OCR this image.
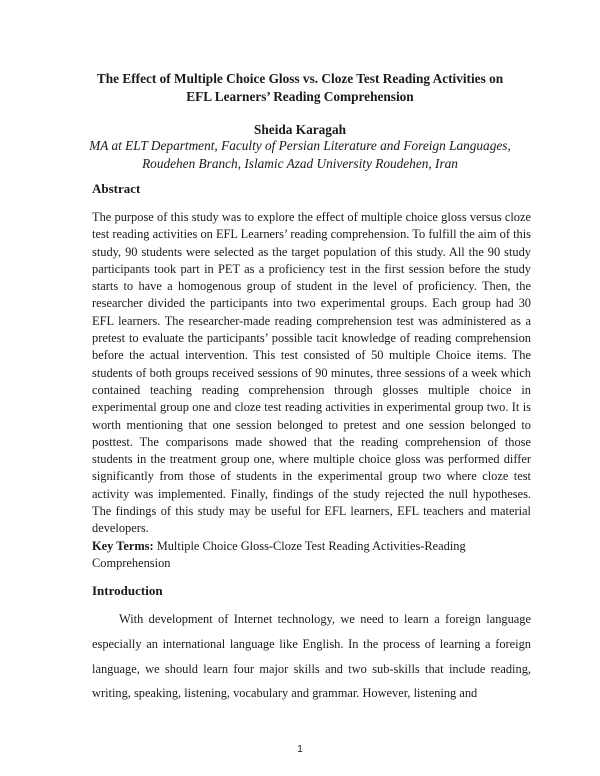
The Effect of Multiple Choice Gloss vs. Cloze Test Reading Activities on
EFL Learners’ Reading Comprehension
Sheida Karagah
MA at ELT Department, Faculty of Persian Literature and Foreign Languages,
Roudehen Branch, Islamic Azad University Roudehen, Iran
Abstract

The purpose of this study was to explore the effect of multiple choice gloss versus cloze test reading activities on EFL Learners’ reading comprehension. To fulfill the aim of this study, 90 students were selected as the target population of this study. All the 90 study participants took part in PET as a proficiency test in the first session before the study starts to have a homogenous group of student in the level of proficiency. Then, the researcher divided the participants into two experimental groups. Each group had 30 EFL learners. The researcher-made reading comprehension test was administered as a pretest to evaluate the participants’ possible tacit knowledge of reading comprehension before the actual intervention. This test consisted of 50 multiple Choice items. The students of both groups received sessions of 90 minutes, three sessions of a week which contained teaching reading comprehension through glosses multiple choice in experimental group one and cloze test reading activities in experimental group two. It is worth mentioning that one session belonged to pretest and one session belonged to posttest. The comparisons made showed that the reading comprehension of those students in the treatment group one, where multiple choice gloss was performed differ significantly from those of students in the experimental group two where cloze test activity was implemented. Finally, findings of the study rejected the null hypotheses. The findings of this study may be useful for EFL learners, EFL teachers and material developers.

Key Terms: Multiple Choice Gloss-Cloze Test Reading Activities-Reading Comprehension

Introduction

With development of Internet technology, we need to learn a foreign language especially an international language like English. In the process of learning a foreign language, we should learn four major skills and two sub-skills that include reading, writing, speaking, listening, vocabulary and grammar. However, listening and

1
